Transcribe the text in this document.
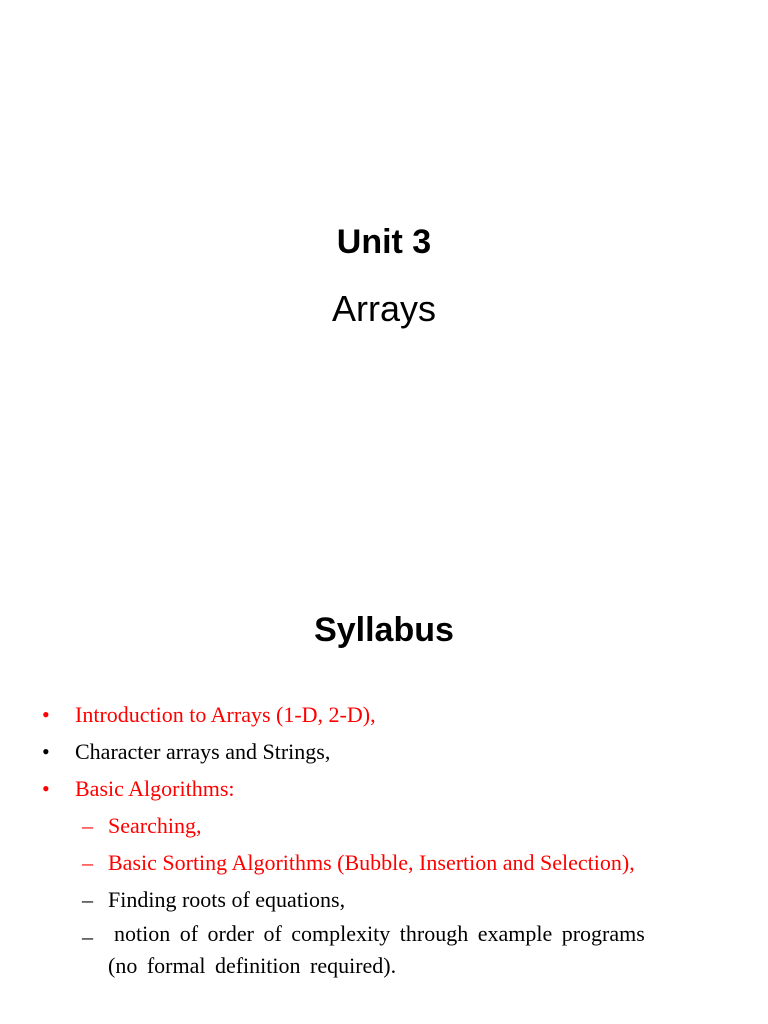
Unit 3
Arrays
Syllabus
• Introduction to Arrays (1-D, 2-D),
• Character arrays and Strings,
• Basic Algorithms:
– Searching,
– Basic Sorting Algorithms (Bubble, Insertion and Selection),
– Finding roots of equations,
– notion of order of complexity through example programs
(no formal definition required).
